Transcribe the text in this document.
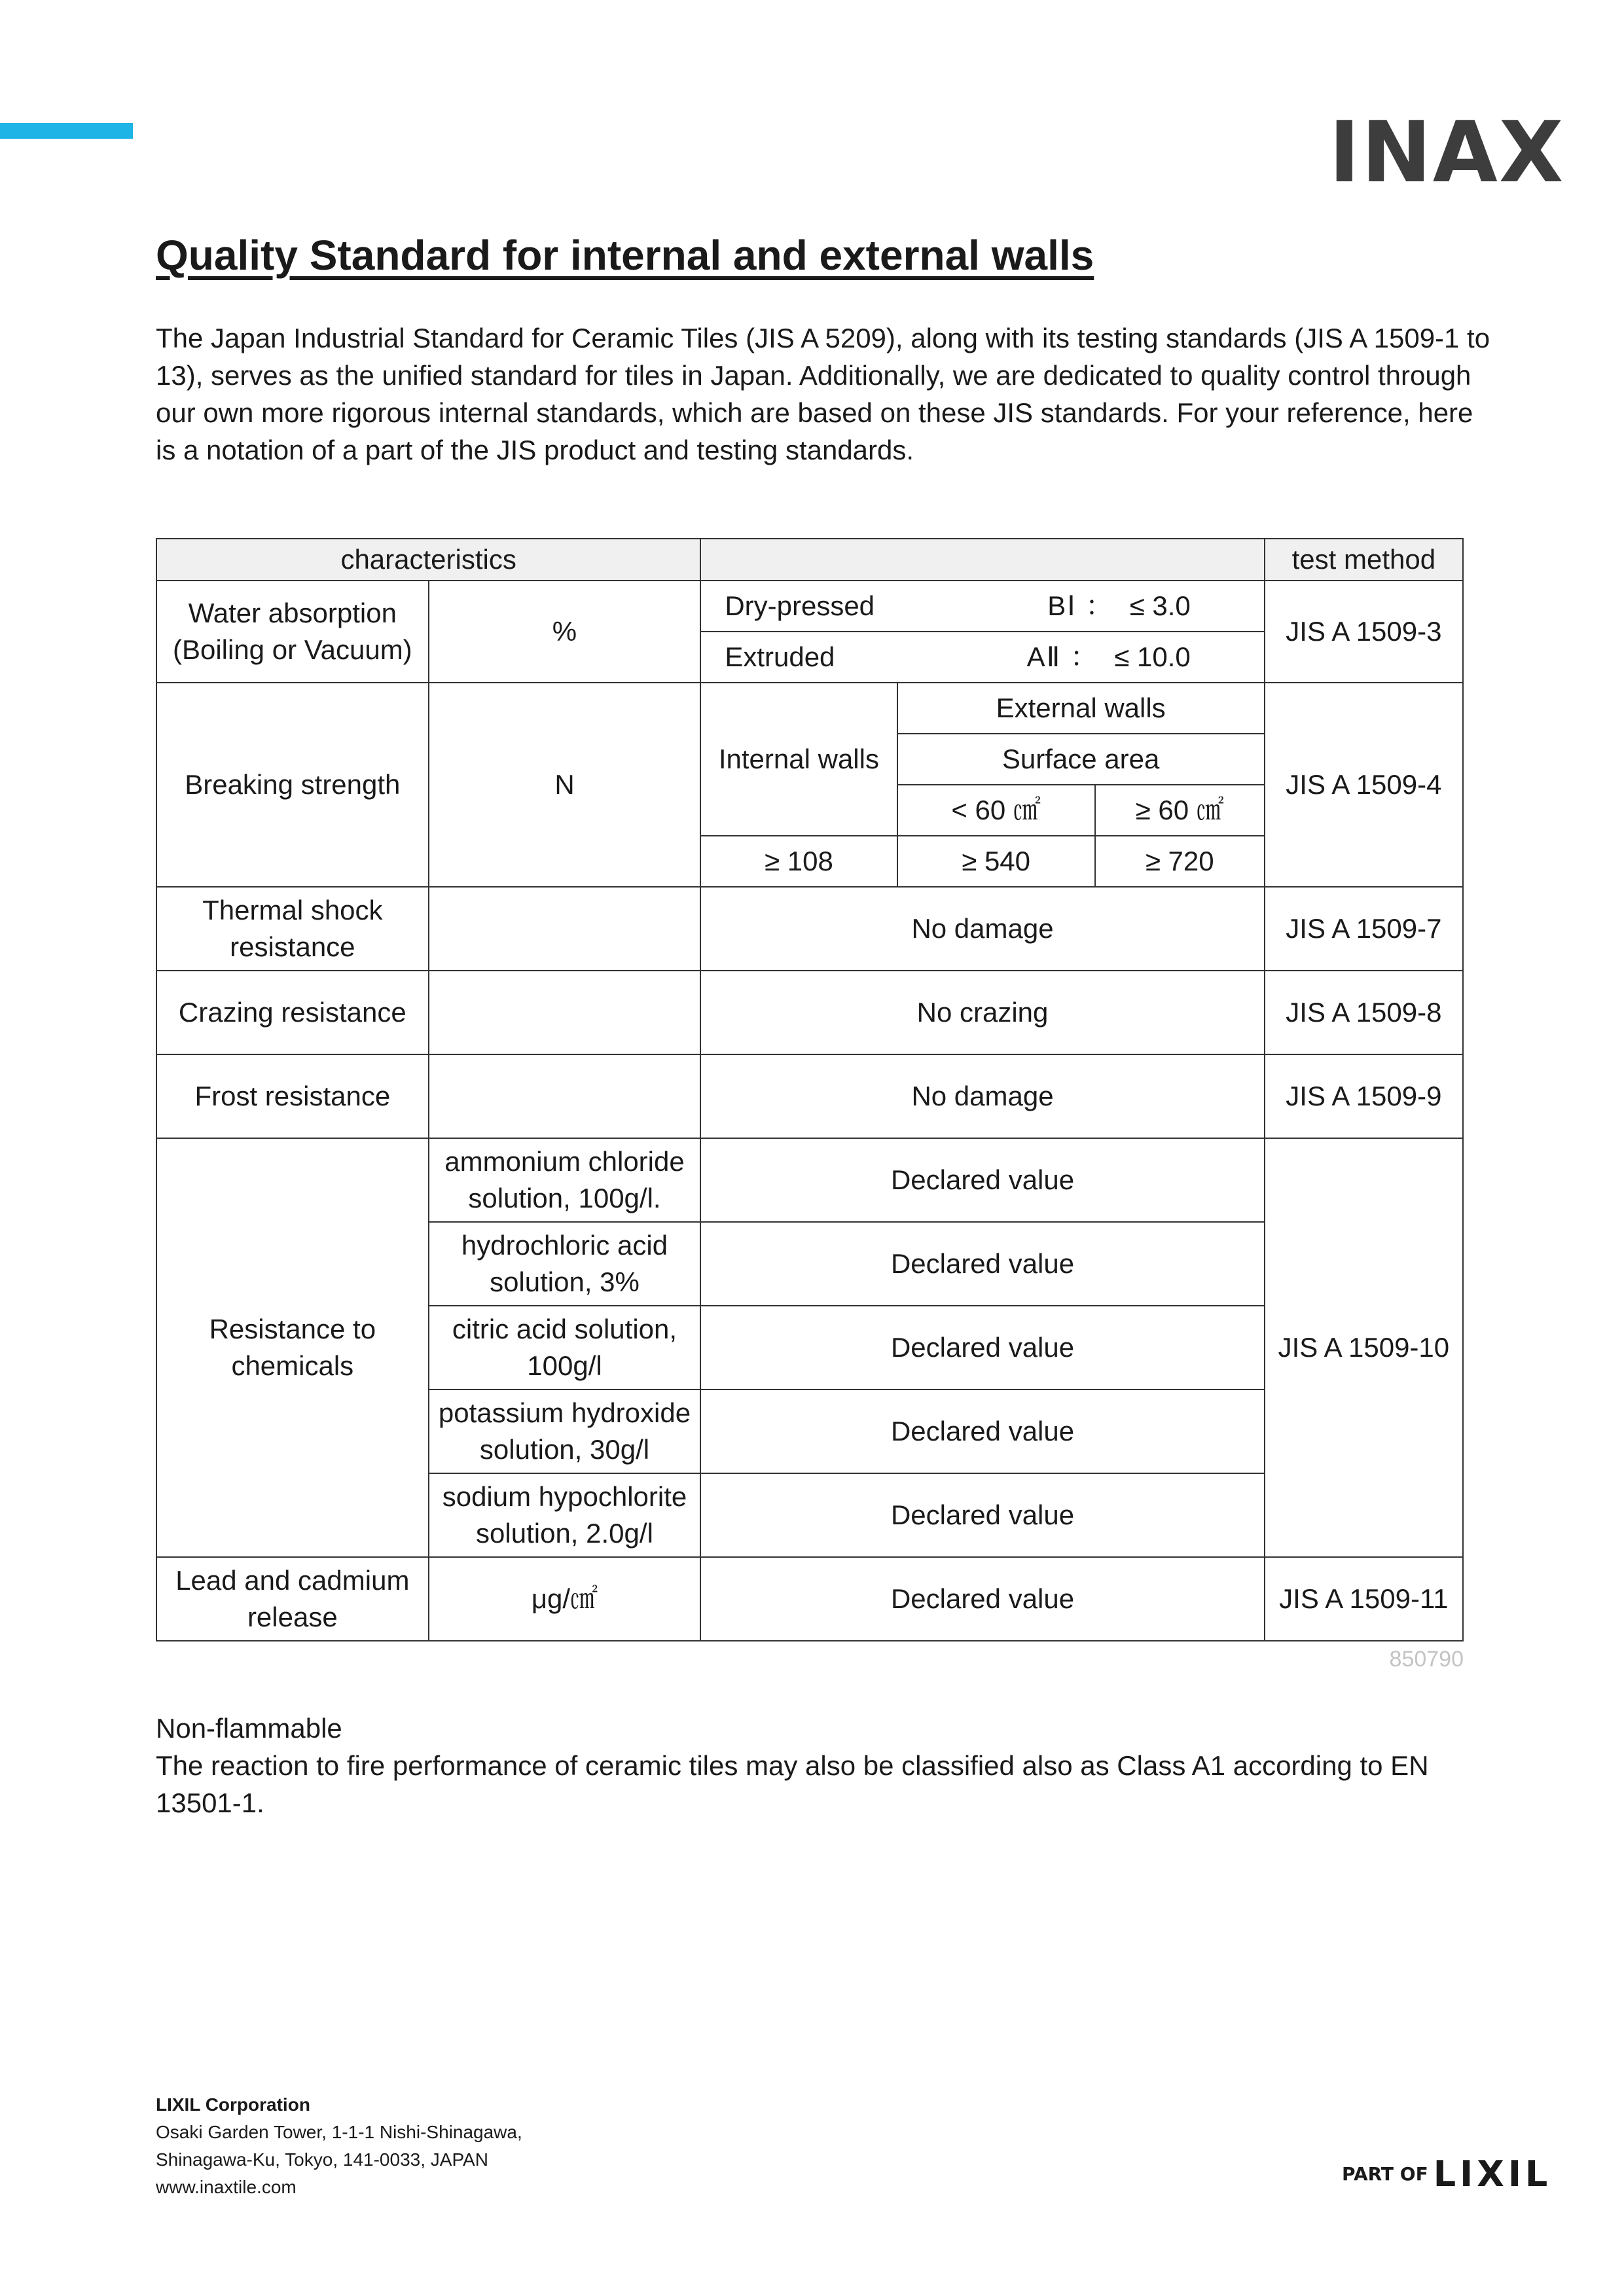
INAX
Quality Standard for internal and external walls

The Japan Industrial Standard for Ceramic Tiles (JIS A 5209), along with its testing standards (JIS A 1509-1 to 13), serves as the unified standard for tiles in Japan. Additionally, we are dedicated to quality control through our own more rigorous internal standards, which are based on these JIS standards. For your reference, here is a notation of a part of the JIS product and testing standards.

characteristics					test method
Water absorption (Boiling or Vacuum)	%	Dry-pressed BⅠ ： ≤ 3.0			JIS A 1509-3

		Extruded AⅡ ： ≤ 10.0			

Breaking strength	N	Internal walls	External walls		JIS A 1509-4
			Surface area		
			< 60 ㎠	≥ 60 ㎠	
		≥ 108	≥ 540	≥ 720	
Thermal shock resistance		No damage			JIS A 1509-7
Crazing resistance		No crazing			JIS A 1509-8
Frost resistance		No damage			JIS A 1509-9
Resistance to chemicals	ammonium chloride solution, 100g/l.	Declared value			JIS A 1509-10
	hydrochloric acid solution, 3%	Declared value			
	citric acid solution, 100g/l	Declared value			
	potassium hydroxide solution, 30g/l	Declared value			
	sodium hypochlorite solution, 2.0g/l	Declared value			
Lead and cadmium release	μg/㎠	Declared value			JIS A 1509-11
850790

Non-flammable

The reaction to fire performance of ceramic tiles may also be classified also as Class A1 according to EN 13501-1.

LIXIL Corporation
Osaki Garden Tower, 1-1-1 Nishi-Shinagawa,
Shinagawa-Ku, Tokyo, 141-0033, JAPAN
www.inaxtile.com
PART OF LIXIL
